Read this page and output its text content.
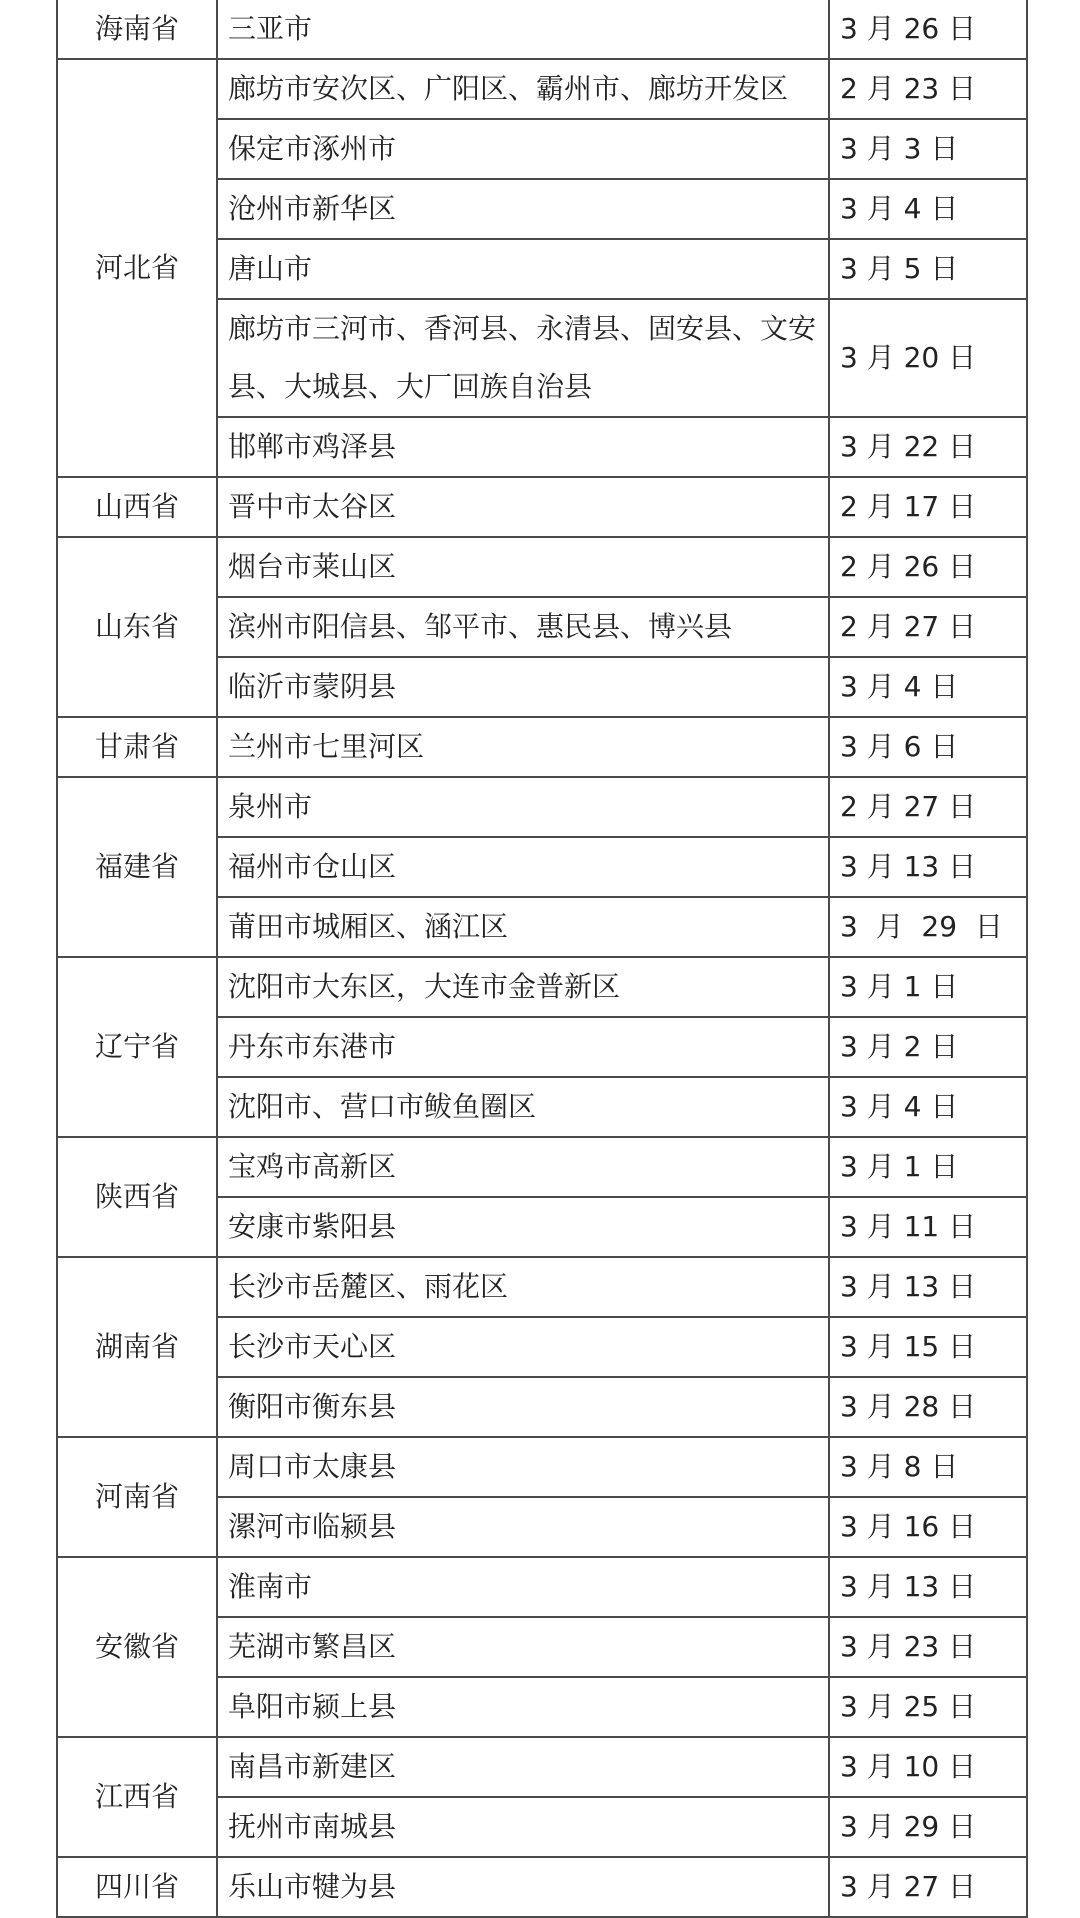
海南省	三亚市	3 月 26 日
河北省	廊坊市安次区、广阳区、霸州市、廊坊开发区	2 月 23 日
	保定市涿州市	3 月 3 日
	沧州市新华区	3 月 4 日
	唐山市	3 月 5 日
	廊坊市三河市、香河县、永清县、固安县、文安县、大城县、大厂回族自治县	3 月 20 日
	邯郸市鸡泽县	3 月 22 日
山西省	晋中市太谷区	2 月 17 日
山东省	烟台市莱山区	2 月 26 日
	滨州市阳信县、邹平市、惠民县、博兴县	2 月 27 日
	临沂市蒙阴县	3 月 4 日
甘肃省	兰州市七里河区	3 月 6 日
福建省	泉州市	2 月 27 日
	福州市仓山区	3 月 13 日
	莆田市城厢区、涵江区	3  月  29  日
辽宁省	沈阳市大东区，大连市金普新区	3 月 1 日
	丹东市东港市	3 月 2 日
	沈阳市、营口市鲅鱼圈区	3 月 4 日
陕西省	宝鸡市高新区	3 月 1 日
	安康市紫阳县	3 月 11 日
湖南省	长沙市岳麓区、雨花区	3 月 13 日
	长沙市天心区	3 月 15 日
	衡阳市衡东县	3 月 28 日
河南省	周口市太康县	3 月 8 日
	漯河市临颍县	3 月 16 日
安徽省	淮南市	3 月 13 日
	芜湖市繁昌区	3 月 23 日
	阜阳市颍上县	3 月 25 日
江西省	南昌市新建区	3 月 10 日
	抚州市南城县	3 月 29 日
四川省	乐山市犍为县	3 月 27 日
